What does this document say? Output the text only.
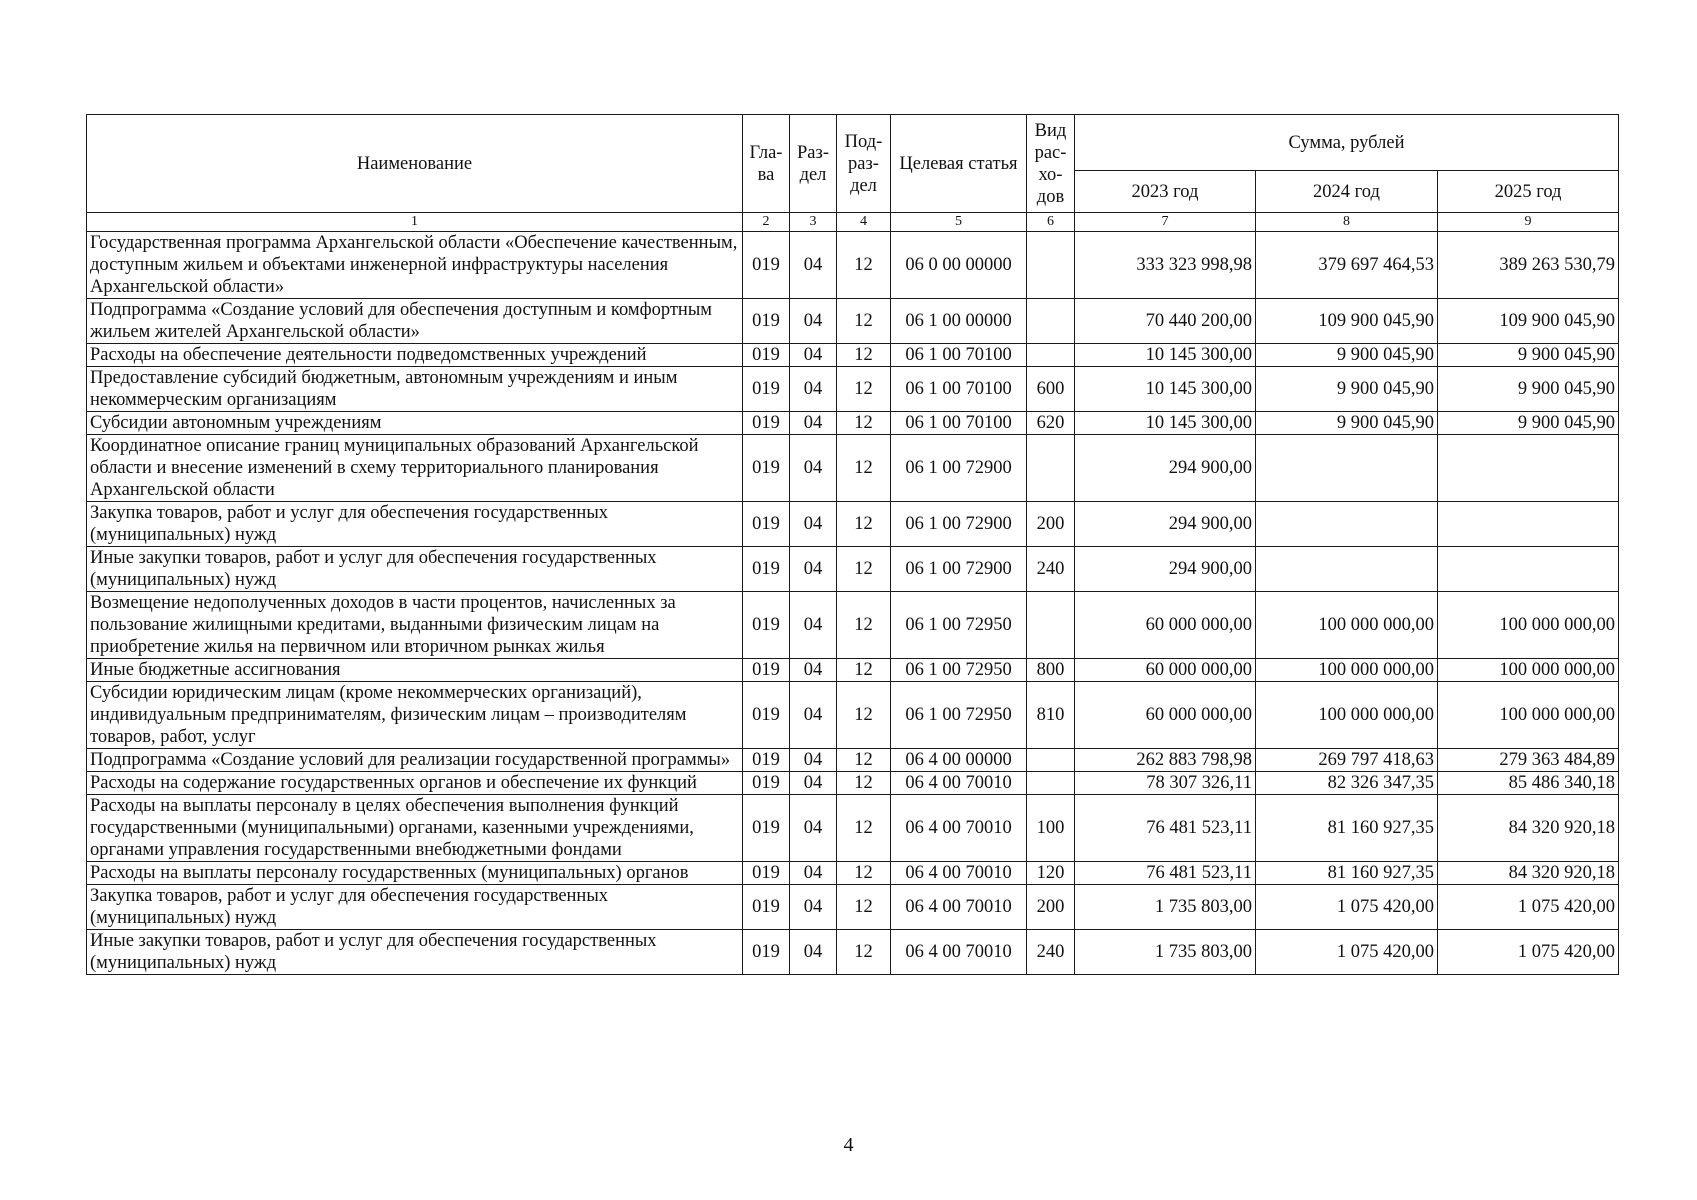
Наименование	Гла-ва	Раз-дел	Под-раз-дел	Целевая статья	Вид рас-хо-дов	Сумма, рублей		
						2023 год	2024 год	2025 год
1	2	3	4	5	6	7	8	9
Государственная программа Архангельской области «Обеспечение качественным, доступным жильем и объектами инженерной инфраструктуры населения Архангельской области»	019	04	12	06 0 00 00000		333 323 998,98	379 697 464,53	389 263 530,79
Подпрограмма «Создание условий для обеспечения доступным и комфортным жильем жителей Архангельской области»	019	04	12	06 1 00 00000		70 440 200,00	109 900 045,90	109 900 045,90
Расходы на обеспечение деятельности подведомственных учреждений	019	04	12	06 1 00 70100		10 145 300,00	9 900 045,90	9 900 045,90
Предоставление субсидий бюджетным, автономным учреждениям и иным некоммерческим организациям	019	04	12	06 1 00 70100	600	10 145 300,00	9 900 045,90	9 900 045,90
Субсидии автономным учреждениям	019	04	12	06 1 00 70100	620	10 145 300,00	9 900 045,90	9 900 045,90
Координатное описание границ муниципальных образований Архангельской области и внесение изменений в схему территориального планирования Архангельской области	019	04	12	06 1 00 72900		294 900,00		
Закупка товаров, работ и услуг для обеспечения государственных (муниципальных) нужд	019	04	12	06 1 00 72900	200	294 900,00		
Иные закупки товаров, работ и услуг для обеспечения государственных (муниципальных) нужд	019	04	12	06 1 00 72900	240	294 900,00		
Возмещение недополученных доходов в части процентов, начисленных за пользование жилищными кредитами, выданными физическим лицам на приобретение жилья на первичном или вторичном рынках жилья	019	04	12	06 1 00 72950		60 000 000,00	100 000 000,00	100 000 000,00
Иные бюджетные ассигнования	019	04	12	06 1 00 72950	800	60 000 000,00	100 000 000,00	100 000 000,00
Субсидии юридическим лицам (кроме некоммерческих организаций), индивидуальным предпринимателям, физическим лицам – производителям товаров, работ, услуг	019	04	12	06 1 00 72950	810	60 000 000,00	100 000 000,00	100 000 000,00
Подпрограмма «Создание условий для реализации государственной программы»	019	04	12	06 4 00 00000		262 883 798,98	269 797 418,63	279 363 484,89
Расходы на содержание государственных органов и обеспечение их функций	019	04	12	06 4 00 70010		78 307 326,11	82 326 347,35	85 486 340,18
Расходы на выплаты персоналу в целях обеспечения выполнения функций государственными (муниципальными) органами, казенными учреждениями, органами управления государственными внебюджетными фондами	019	04	12	06 4 00 70010	100	76 481 523,11	81 160 927,35	84 320 920,18
Расходы на выплаты персоналу государственных (муниципальных) органов	019	04	12	06 4 00 70010	120	76 481 523,11	81 160 927,35	84 320 920,18
Закупка товаров, работ и услуг для обеспечения государственных (муниципальных) нужд	019	04	12	06 4 00 70010	200	1 735 803,00	1 075 420,00	1 075 420,00
Иные закупки товаров, работ и услуг для обеспечения государственных (муниципальных) нужд	019	04	12	06 4 00 70010	240	1 735 803,00	1 075 420,00	1 075 420,00
4
